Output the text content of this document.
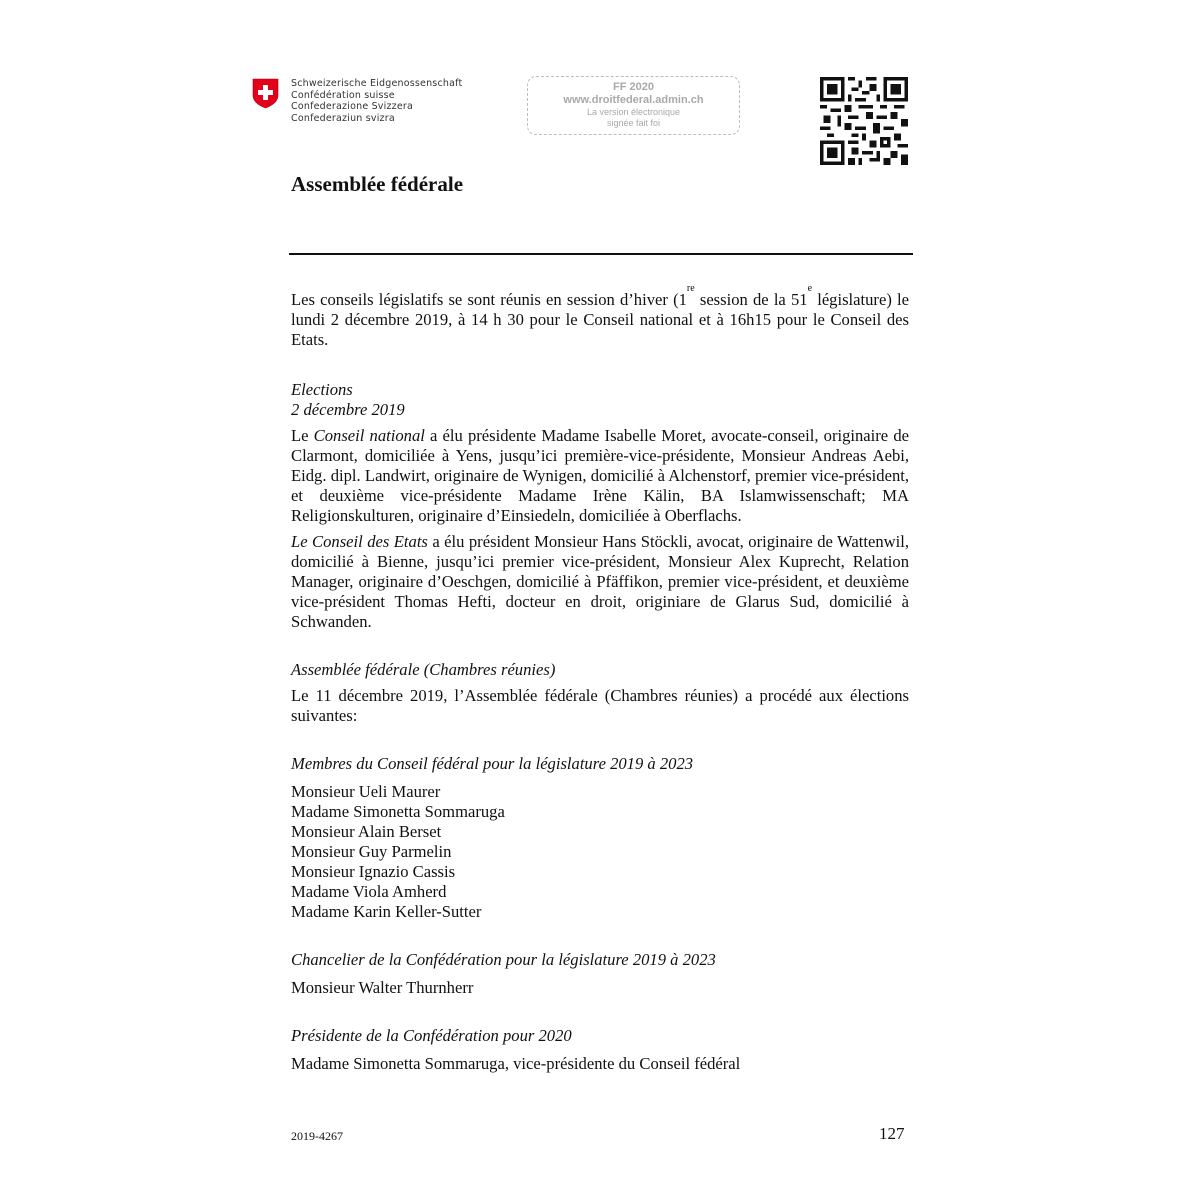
Schweizerische Eidgenossenschaft
Confédération suisse
Confederazione Svizzera
Confederaziun svizra
FF 2020
www.droitfederal.admin.ch
La version électronique
signée fait foi
Assemblée fédérale

Les conseils législatifs se sont réunis en session d’hiver (1re session de la 51e législature) le lundi 2 décembre 2019, à 14 h 30 pour le Conseil national et à 16h15 pour le Conseil des Etats.

Elections

2 décembre 2019

Le Conseil national a élu présidente Madame Isabelle Moret, avocate-conseil, originaire de Clarmont, domiciliée à Yens, jusqu’ici première-vice-présidente, Monsieur Andreas Aebi, Eidg. dipl. Landwirt, originaire de Wynigen, domicilié à Alchenstorf, premier vice-président, et deuxième vice-présidente Madame Irène Kälin, BA Islamwissenschaft; MA Religionskulturen, originaire d’Einsiedeln, domiciliée à Oberflachs.

Le Conseil des Etats a élu président Monsieur Hans Stöckli, avocat, originaire de Wattenwil, domicilié à Bienne, jusqu’ici premier vice-président, Monsieur Alex Kuprecht, Relation Manager, originaire d’Oeschgen, domicilié à Pfäffikon, premier vice-président, et deuxième vice-président Thomas Hefti, docteur en droit, originiare de Glarus Sud, domicilié à Schwanden.

Assemblée fédérale (Chambres réunies)

Le 11 décembre 2019, l’Assemblée fédérale (Chambres réunies) a procédé aux élections suivantes:

Membres du Conseil fédéral pour la législature 2019 à 2023

Monsieur Ueli Maurer
Madame Simonetta Sommaruga
Monsieur Alain Berset
Monsieur Guy Parmelin
Monsieur Ignazio Cassis
Madame Viola Amherd
Madame Karin Keller-Sutter

Chancelier de la Confédération pour la législature 2019 à 2023

Monsieur Walter Thurnherr

Présidente de la Confédération pour 2020

Madame Simonetta Sommaruga, vice-présidente du Conseil fédéral
2019-4267	127
